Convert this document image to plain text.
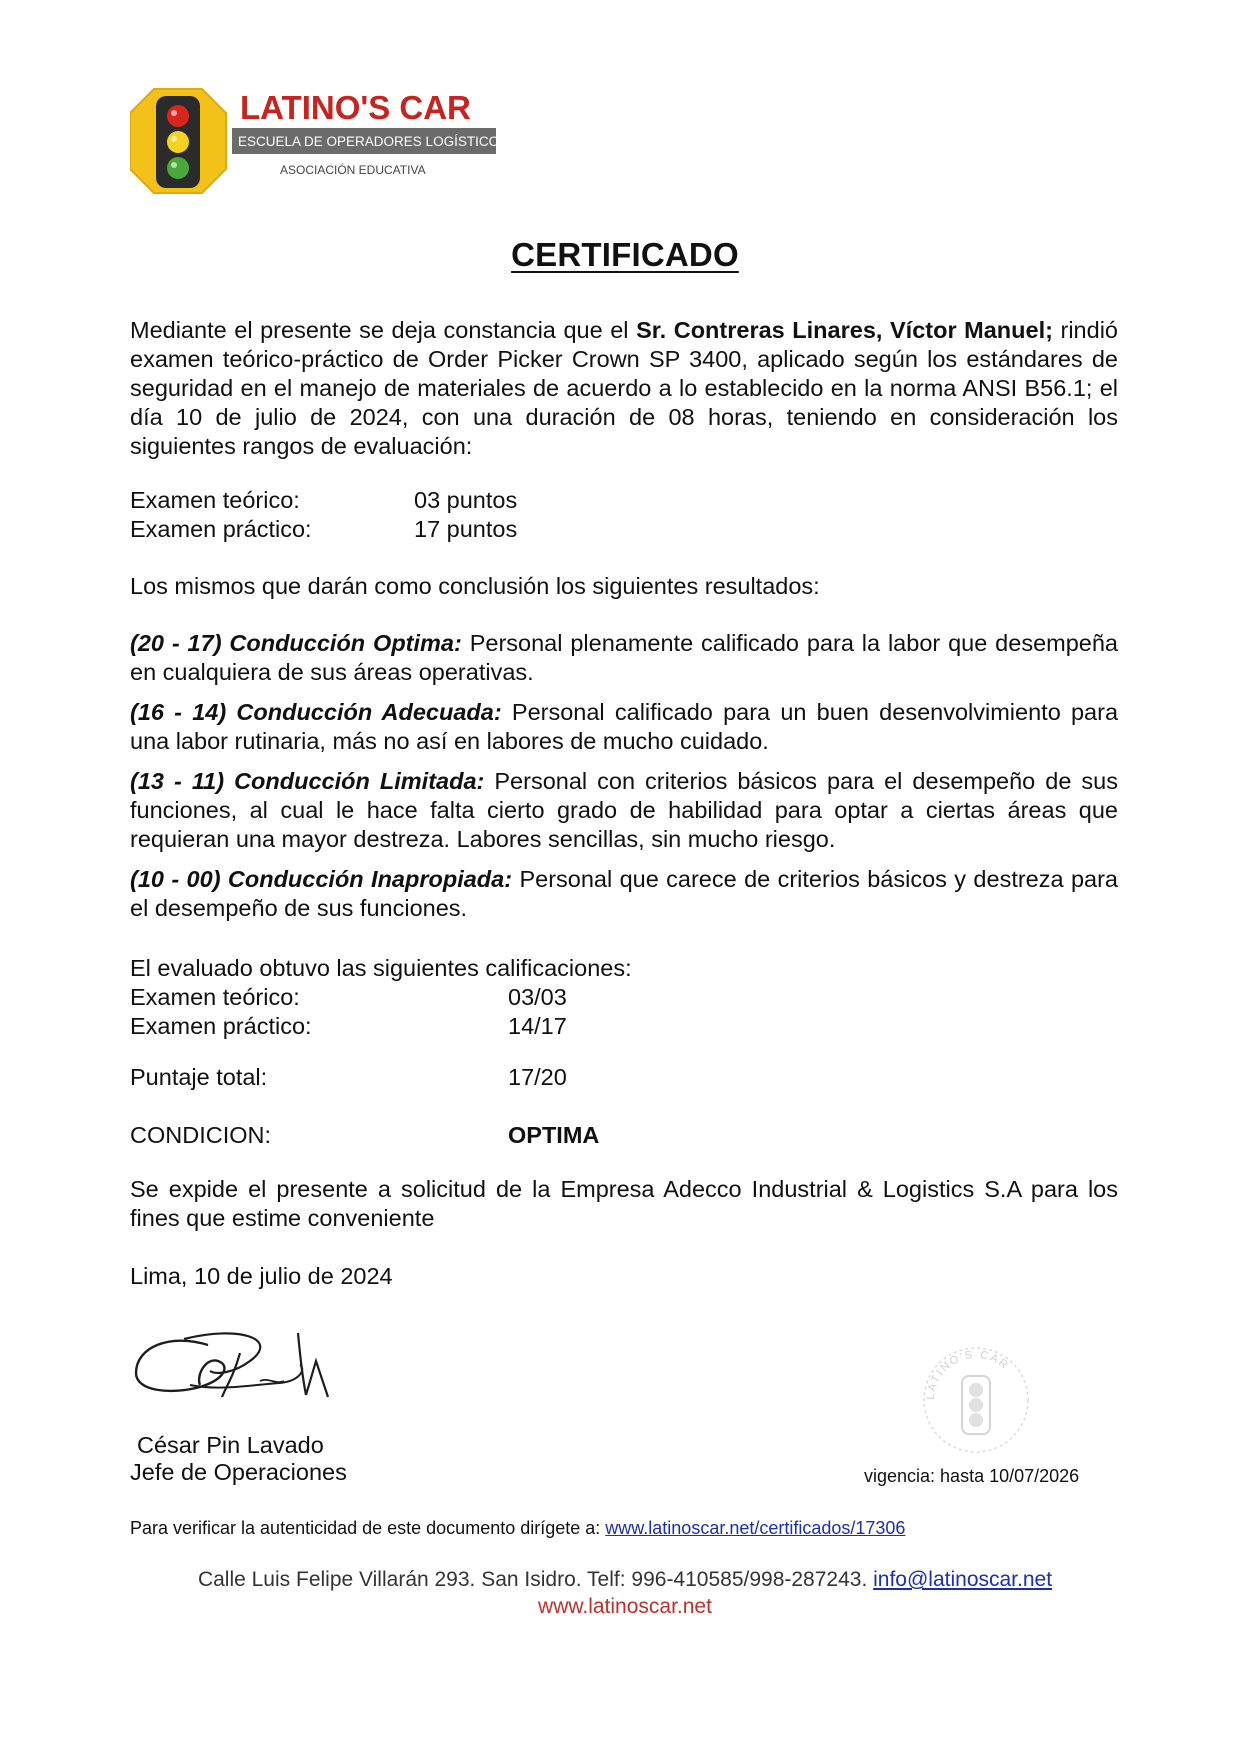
LATINO'S CAR
ESCUELA DE OPERADORES LOGÍSTICOS
ASOCIACIÓN EDUCATIVA
CERTIFICADO
Mediante el presente se deja constancia que el Sr. Contreras Linares, Víctor Manuel; rindió examen teórico-práctico de Order Picker Crown SP 3400, aplicado según los estándares de seguridad en el manejo de materiales de acuerdo a lo establecido en la norma ANSI B56.1; el día 10 de julio de 2024, con una duración de 08 horas, teniendo en consideración los siguientes rangos de evaluación:
Examen teórico:	03 puntos
Examen práctico:	17 puntos
Los mismos que darán como conclusión los siguientes resultados:
(20 - 17) Conducción Optima: Personal plenamente calificado para la labor que desempeña en cualquiera de sus áreas operativas.
(16 - 14) Conducción Adecuada: Personal calificado para un buen desenvolvimiento para una labor rutinaria, más no así en labores de mucho cuidado.
(13 - 11) Conducción Limitada: Personal con criterios básicos para el desempeño de sus funciones, al cual le hace falta cierto grado de habilidad para optar a ciertas áreas que requieran una mayor destreza. Labores sencillas, sin mucho riesgo.
(10 - 00) Conducción Inapropiada: Personal que carece de criterios básicos y destreza para el desempeño de sus funciones.
El evaluado obtuvo las siguientes calificaciones:
Examen teórico:	03/03
Examen práctico:	14/17
Puntaje total:	17/20
CONDICION:	OPTIMA
Se expide el presente a solicitud de la Empresa Adecco Industrial & Logistics S.A para los fines que estime conveniente
Lima, 10 de julio de 2024
LATINO'S CAR
César Pin Lavado
Jefe de Operaciones	vigencia: hasta 10/07/2026
Para verificar la autenticidad de este documento dirígete a: www.latinoscar.net/certificados/17306
Calle Luis Felipe Villarán 293. San Isidro. Telf: 996-410585/998-287243. info@latinoscar.net
www.latinoscar.net
